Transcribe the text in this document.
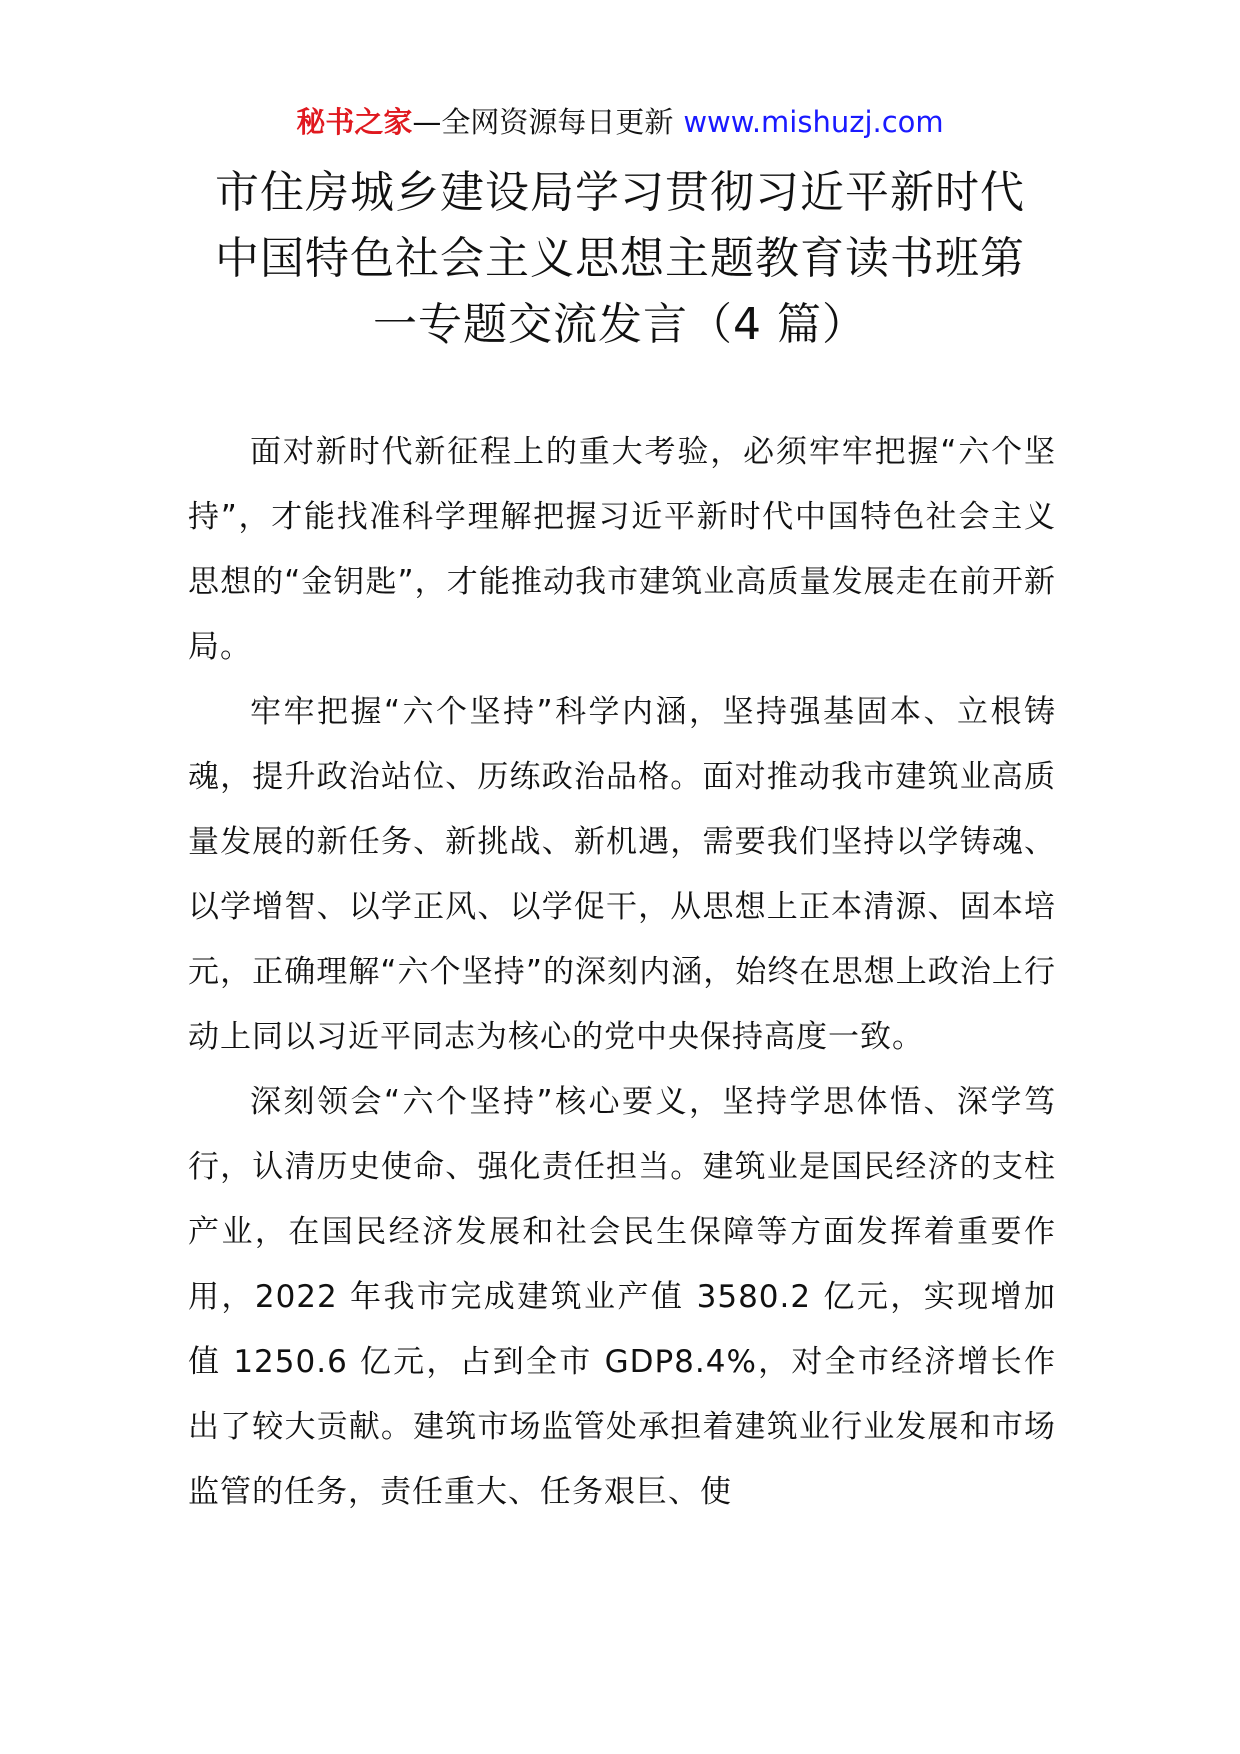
秘书之家—全网资源每日更新 www.mishuzj.com
市住房城乡建设局学习贯彻习近平新时代
中国特色社会主义思想主题教育读书班第
一专题交流发言（4 篇）

面对新时代新征程上的重大考验，必须牢牢把握“六个坚持”，才能找准科学理解把握习近平新时代中国特色社会主义思想的“金钥匙”，才能推动我市建筑业高质量发展走在前开新局。

牢牢把握“六个坚持”科学内涵，坚持强基固本、立根铸魂，提升政治站位、历练政治品格。面对推动我市建筑业高质量发展的新任务、新挑战、新机遇，需要我们坚持以学铸魂、以学增智、以学正风、以学促干，从思想上正本清源、固本培元，正确理解“六个坚持”的深刻内涵，始终在思想上政治上行动上同以习近平同志为核心的党中央保持高度一致。

深刻领会“六个坚持”核心要义，坚持学思体悟、深学笃行，认清历史使命、强化责任担当。建筑业是国民经济的支柱产业，在国民经济发展和社会民生保障等方面发挥着重要作用，2022 年我市完成建筑业产值 3580.2 亿元，实现增加值 1250.6 亿元，占到全市 GDP8.4%，对全市经济增长作出了较大贡献。建筑市场监管处承担着建筑业行业发展和市场监管的任务，责任重大、任务艰巨、使
